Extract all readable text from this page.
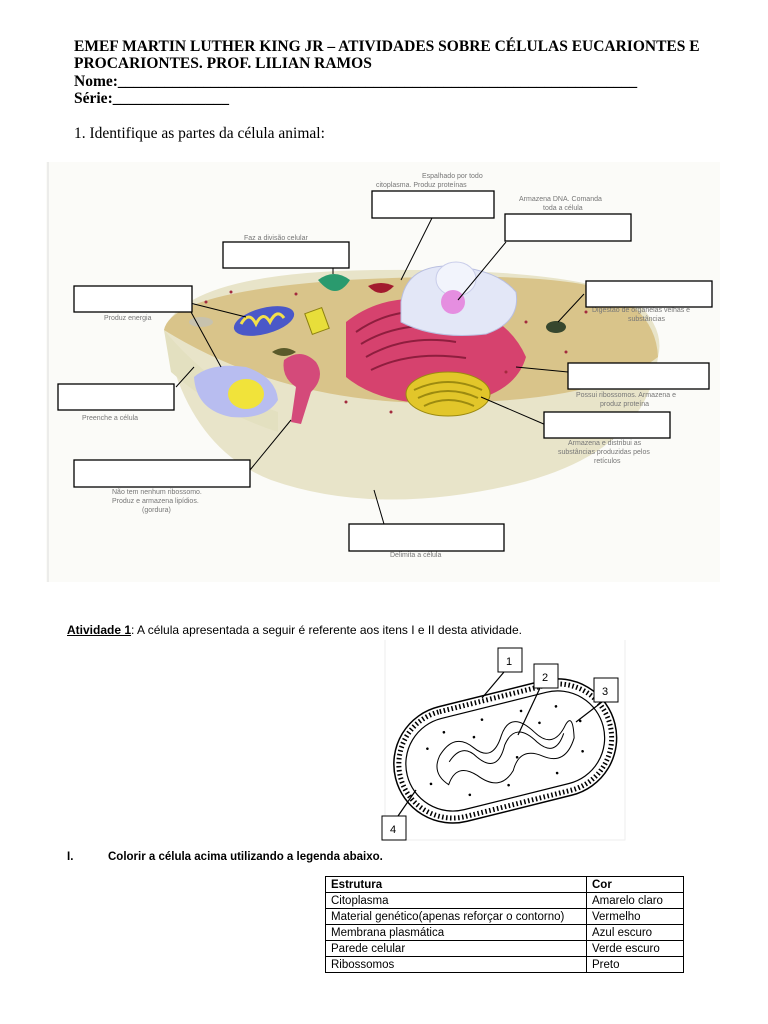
EMEF MARTIN LUTHER KING JR – ATIVIDADES SOBRE CÉLULAS EUCARIONTES E
PROCARIONTES. PROF. LILIAN RAMOS
Nome:___________________________________________________________________
Série:_______________
1. Identifique as partes da célula animal:
Espalhado por todo
citoplasma. Produz proteínas
Armazena DNA. Comanda
toda a célula
Faz a divisão celular
Produz energia
Digestão de organelas velhas e
substâncias
Possui ribossomos. Armazena e
produz proteína
Preenche a célula
Armazena e distribui as
substâncias produzidas pelos
retículos
Não tem nenhum ribossomo.
Produz e armazena lipídios.
(gordura)
Delimita a célula
Atividade 1: A célula apresentada a seguir é referente aos itens I e II desta atividade.
1
2
3
4
I.	Colorir a célula acima utilizando a legenda abaixo.
Estrutura	Cor
Citoplasma	Amarelo claro
Material genético(apenas reforçar o contorno)	Vermelho
Membrana plasmática	Azul escuro
Parede celular	Verde escuro
Ribossomos	Preto
